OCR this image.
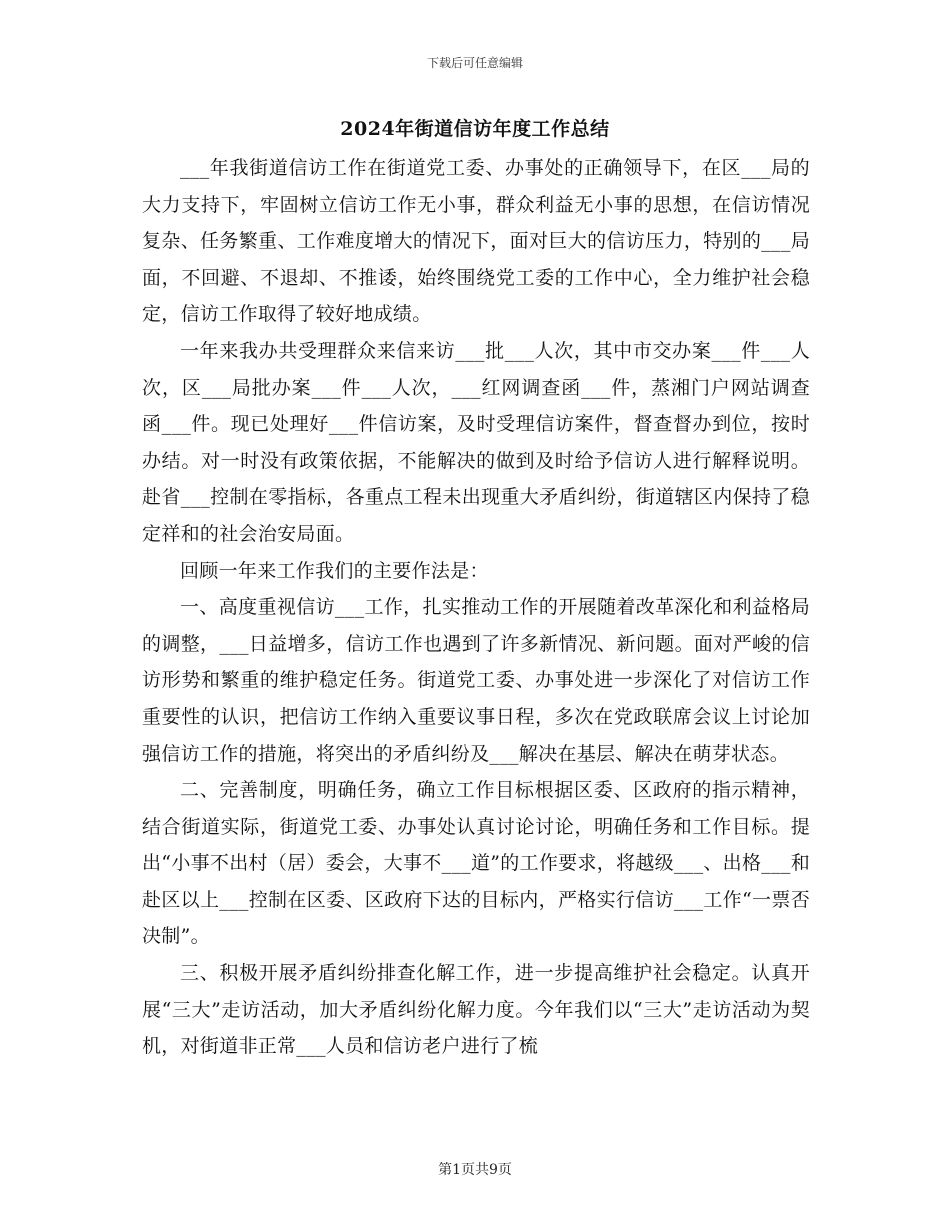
下载后可任意编辑
2024年街道信访年度工作总结

___年我街道信访工作在街道党工委、办事处的正确领导下，在区___局的大力支持下，牢固树立信访工作无小事，群众利益无小事的思想，在信访情况复杂、任务繁重、工作难度增大的情况下，面对巨大的信访压力，特别的___局面，不回避、不退却、不推诿，始终围绕党工委的工作中心，全力维护社会稳定，信访工作取得了较好地成绩。

一年来我办共受理群众来信来访___批___人次，其中市交办案___件___人次，区___局批办案___件___人次，___红网调查函___件，蒸湘门户网站调查函___件。现已处理好___件信访案，及时受理信访案件，督查督办到位，按时办结。对一时没有政策依据，不能解决的做到及时给予信访人进行解释说明。赴省___控制在零指标，各重点工程未出现重大矛盾纠纷，街道辖区内保持了稳定祥和的社会治安局面。

回顾一年来工作我们的主要作法是：

一、高度重视信访___工作，扎实推动工作的开展随着改革深化和利益格局的调整，___日益增多，信访工作也遇到了许多新情况、新问题。面对严峻的信访形势和繁重的维护稳定任务。街道党工委、办事处进一步深化了对信访工作重要性的认识，把信访工作纳入重要议事日程，多次在党政联席会议上讨论加强信访工作的措施，将突出的矛盾纠纷及___解决在基层、解决在萌芽状态。

二、完善制度，明确任务，确立工作目标根据区委、区政府的指示精神，结合街道实际，街道党工委、办事处认真讨论讨论，明确任务和工作目标。提出“小事不出村（居）委会，大事不___道”的工作要求，将越级___、出格___和赴区以上___控制在区委、区政府下达的目标内，严格实行信访___工作“一票否决制”。

三、积极开展矛盾纠纷排查化解工作，进一步提高维护社会稳定。认真开展“三大”走访活动，加大矛盾纠纷化解力度。今年我们以“三大”走访活动为契机，对街道非正常___人员和信访老户进行了梳

第1页共9页
